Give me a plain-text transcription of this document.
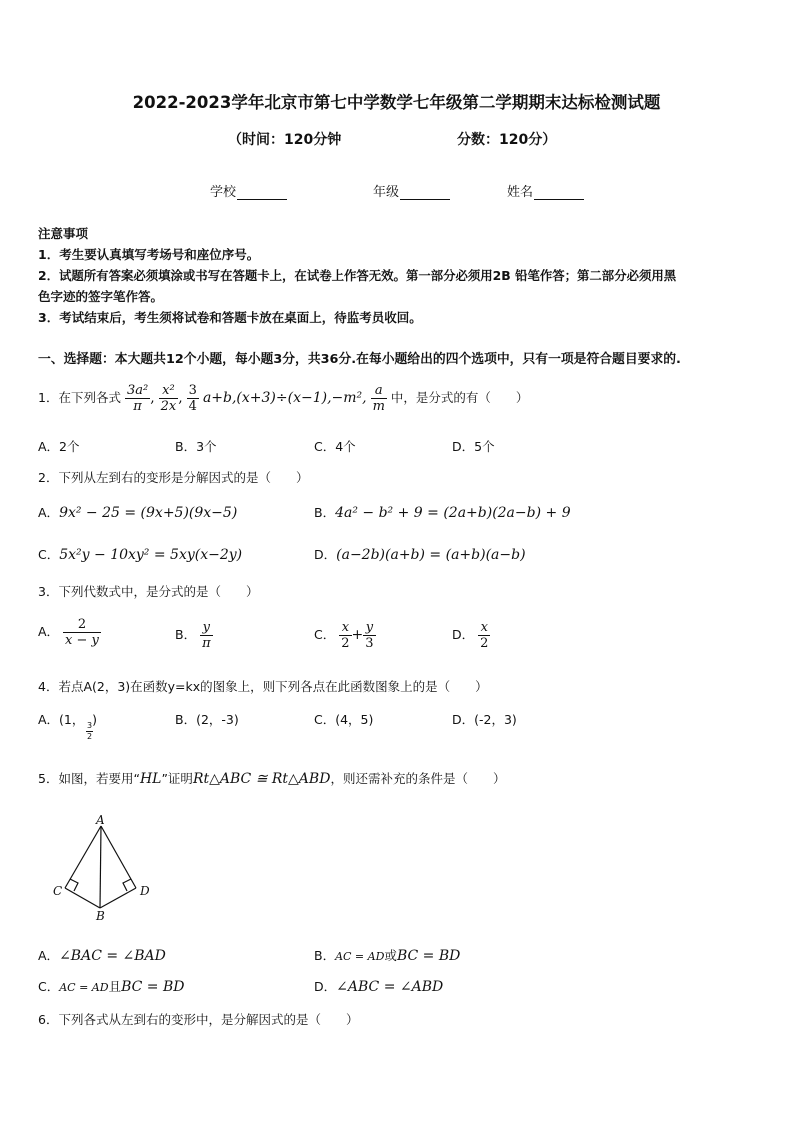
2022-2023学年北京市第七中学数学七年级第二学期期末达标检测试题
（时间：120分钟	分数：120分）
学校	年级	姓名
注意事项
1．考生要认真填写考场号和座位序号。
2．试题所有答案必须填涂或书写在答题卡上，在试卷上作答无效。第一部分必须用2B 铅笔作答；第二部分必须用黑
色字迹的签字笔作答。
3．考试结束后，考生须将试卷和答题卡放在桌面上，待监考员收回。
一、选择题：本大题共12个小题，每小题3分，共36分.在每小题给出的四个选项中，只有一项是符合题目要求的.
1．在下列各式 $\frac{\text{3a²}}{\pi}$ , $\frac{\text{x²}}{2x}$ , $\frac{3}{4} a+b,(x+3)\div(x-1),-m^2$, $\frac{a}{m}$ 中，是分式的有（　　）
A．2个	B．3个	C．4个	D．5个
2．下列从左到右的变形是分解因式的是（　　）
A．9x² − 25 = (9x+5)(9x−5)	B．4a² − b² + 9 = (2a+b)(2a−b) + 9
C．5x²y − 10xy² = 5xy(x−2y)	D．(a−2b)(a+b) = (a+b)(a−b)
3．下列代数式中，是分式的是（　　）
A． $\frac{2}{x - y}$	B． $\frac{y}{\pi}$	C． $\frac{x}{2} + \frac{y}{3}$	D． $\frac{x}{2}$
4．若点A(2，3)在函数y=kx的图象上，则下列各点在此函数图象上的是（　　）
A．(1， )
3
2
B．(2，-3)	C．(4，5)	D．(-2，3)
5．如图，若要用“HL”证明Rt△ABC ≅ Rt△ABD，则还需补充的条件是（　　）
A
C	D
B
A．∠BAC = ∠BAD	B．AC = AD或BC = BD
C．AC = AD且BC = BD	D．∠ABC = ∠ABD
6．下列各式从左到右的变形中，是分解因式的是（　　）
